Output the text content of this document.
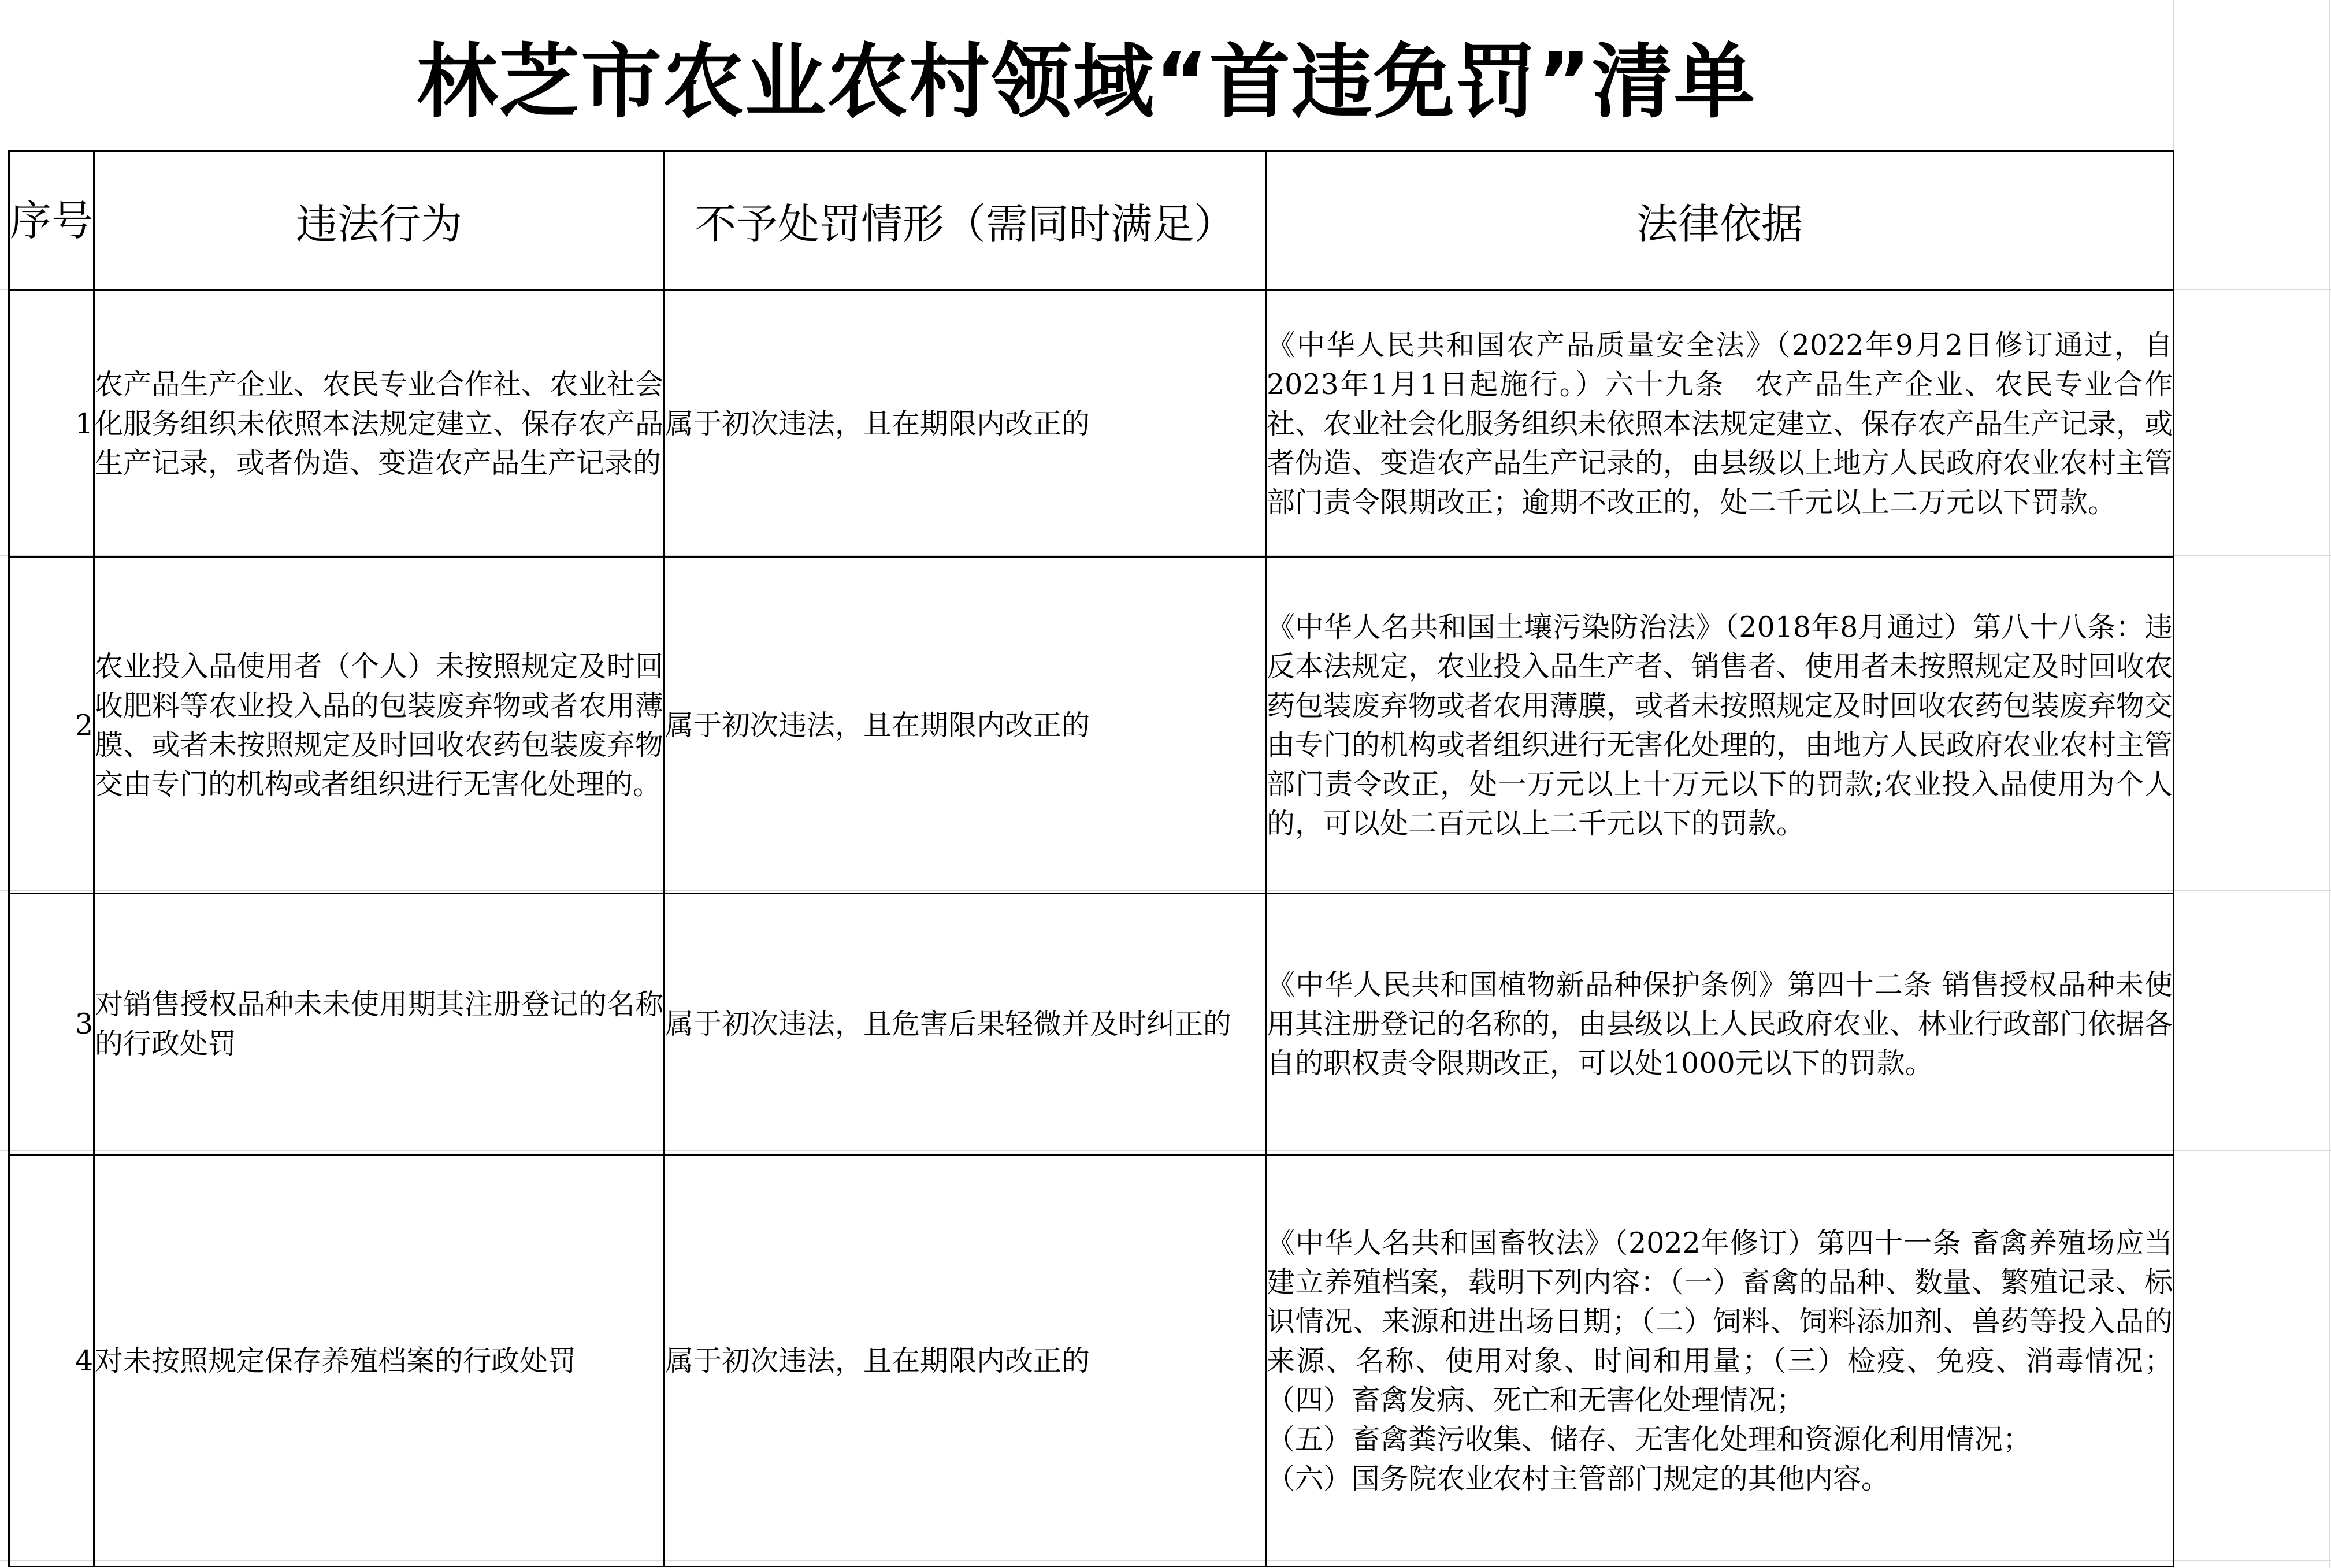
林芝市农业农村领域“首违免罚”清单
序号	违法行为	不予处罚情形（需同时满足）	法律依据
1	农产品生产企业、农民专业合作社、农业社会化服务组织未依照本法规定建立、保存农产品生产记录，或者伪造、变造农产品生产记录的	属于初次违法，且在期限内改正的	《中华人民共和国农产品质量安全法》（2022年9月2日修订通过，自2023年1月1日起施行。）六十九条　农产品生产企业、农民专业合作社、农业社会化服务组织未依照本法规定建立、保存农产品生产记录，或者伪造、变造农产品生产记录的，由县级以上地方人民政府农业农村主管部门责令限期改正；逾期不改正的，处二千元以上二万元以下罚款。
2	农业投入品使用者（个人）未按照规定及时回收肥料等农业投入品的包装废弃物或者农用薄膜、或者未按照规定及时回收农药包装废弃物交由专门的机构或者组织进行无害化处理的。	属于初次违法，且在期限内改正的	《中华人名共和国土壤污染防治法》（2018年8月通过）第八十八条：违反本法规定，农业投入品生产者、销售者、使用者未按照规定及时回收农药包装废弃物或者农用薄膜，或者未按照规定及时回收农药包装废弃物交由专门的机构或者组织进行无害化处理的，由地方人民政府农业农村主管部门责令改正，处一万元以上十万元以下的罚款;农业投入品使用为个人的，可以处二百元以上二千元以下的罚款。
3	对销售授权品种未未使用期其注册登记的名称的行政处罚	属于初次违法，且危害后果轻微并及时纠正的	《中华人民共和国植物新品种保护条例》第四十二条 销售授权品种未使用其注册登记的名称的，由县级以上人民政府农业、林业行政部门依据各自的职权责令限期改正，可以处1000元以下的罚款。
4	对未按照规定保存养殖档案的行政处罚	属于初次违法，且在期限内改正的	《中华人名共和国畜牧法》（2022年修订）第四十一条 畜禽养殖场应当建立养殖档案，载明下列内容：（一）畜禽的品种、数量、繁殖记录、标识情况、来源和进出场日期；（二）饲料、饲料添加剂、兽药等投入品的来源、名称、使用对象、时间和用量；（三）检疫、免疫、消毒情况；（四）畜禽发病、死亡和无害化处理情况；
（五）畜禽粪污收集、储存、无害化处理和资源化利用情况；
（六）国务院农业农村主管部门规定的其他内容。
